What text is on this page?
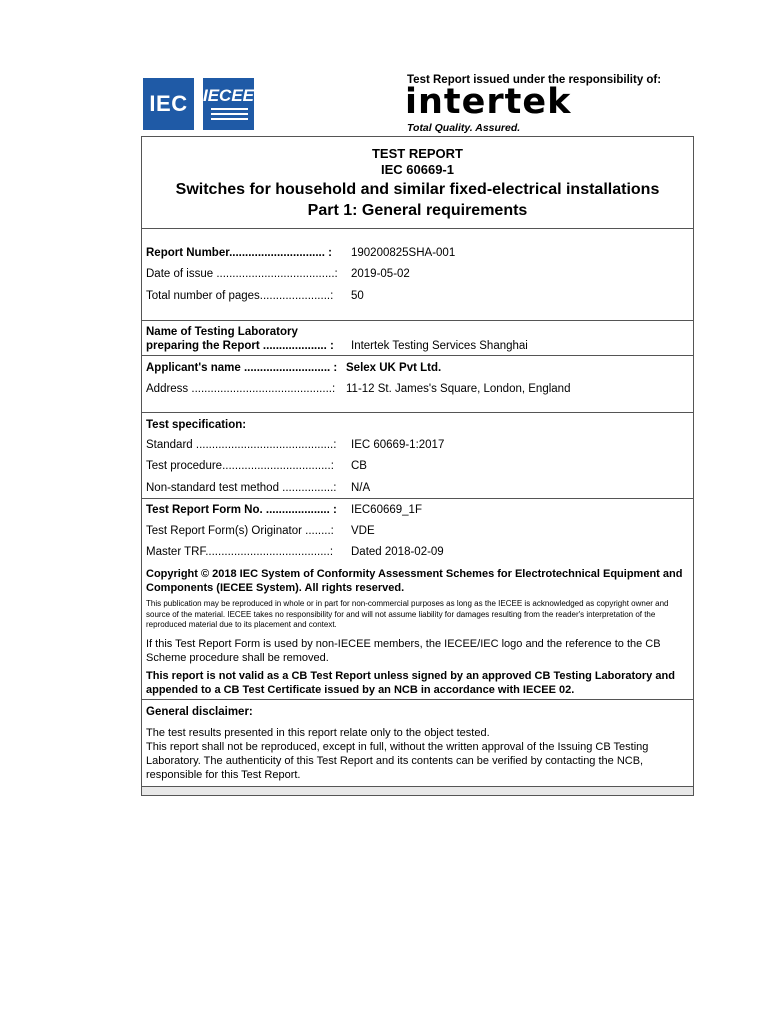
IEC IECEE
Test Report issued under the responsibility of:
intertek
Total Quality. Assured.
TEST REPORT
IEC 60669-1
Switches for household and similar fixed-electrical installations
Part 1: General requirements
Report Number.............................. : 190200825SHA-001
Date of issue .....................................: 2019-05-02
Total number of pages......................: 50
Name of Testing Laboratory
preparing the Report .................... : Intertek Testing Services Shanghai
Applicant's name ........................... : Selex UK Pvt Ltd.
Address ............................................: 11-12 St. James's Square, London, England
Test specification:
Standard ...........................................: IEC 60669-1:2017
Test procedure..................................: CB
Non-standard test method ................: N/A
Test Report Form No. .................... : IEC60669_1F
Test Report Form(s) Originator ........: VDE
Master TRF.......................................: Dated 2018-02-09
Copyright © 2018 IEC System of Conformity Assessment Schemes for Electrotechnical Equipment and Components (IECEE System). All rights reserved.
This publication may be reproduced in whole or in part for non-commercial purposes as long as the IECEE is acknowledged as copyright owner and source of the material. IECEE takes no responsibility for and will not assume liability for damages resulting from the reader's interpretation of the reproduced material due to its placement and context.
If this Test Report Form is used by non-IECEE members, the IECEE/IEC logo and the reference to the CB Scheme procedure shall be removed.
This report is not valid as a CB Test Report unless signed by an approved CB Testing Laboratory and appended to a CB Test Certificate issued by an NCB in accordance with IECEE 02.
General disclaimer:
The test results presented in this report relate only to the object tested.
This report shall not be reproduced, except in full, without the written approval of the Issuing CB Testing Laboratory. The authenticity of this Test Report and its contents can be verified by contacting the NCB, responsible for this Test Report.
